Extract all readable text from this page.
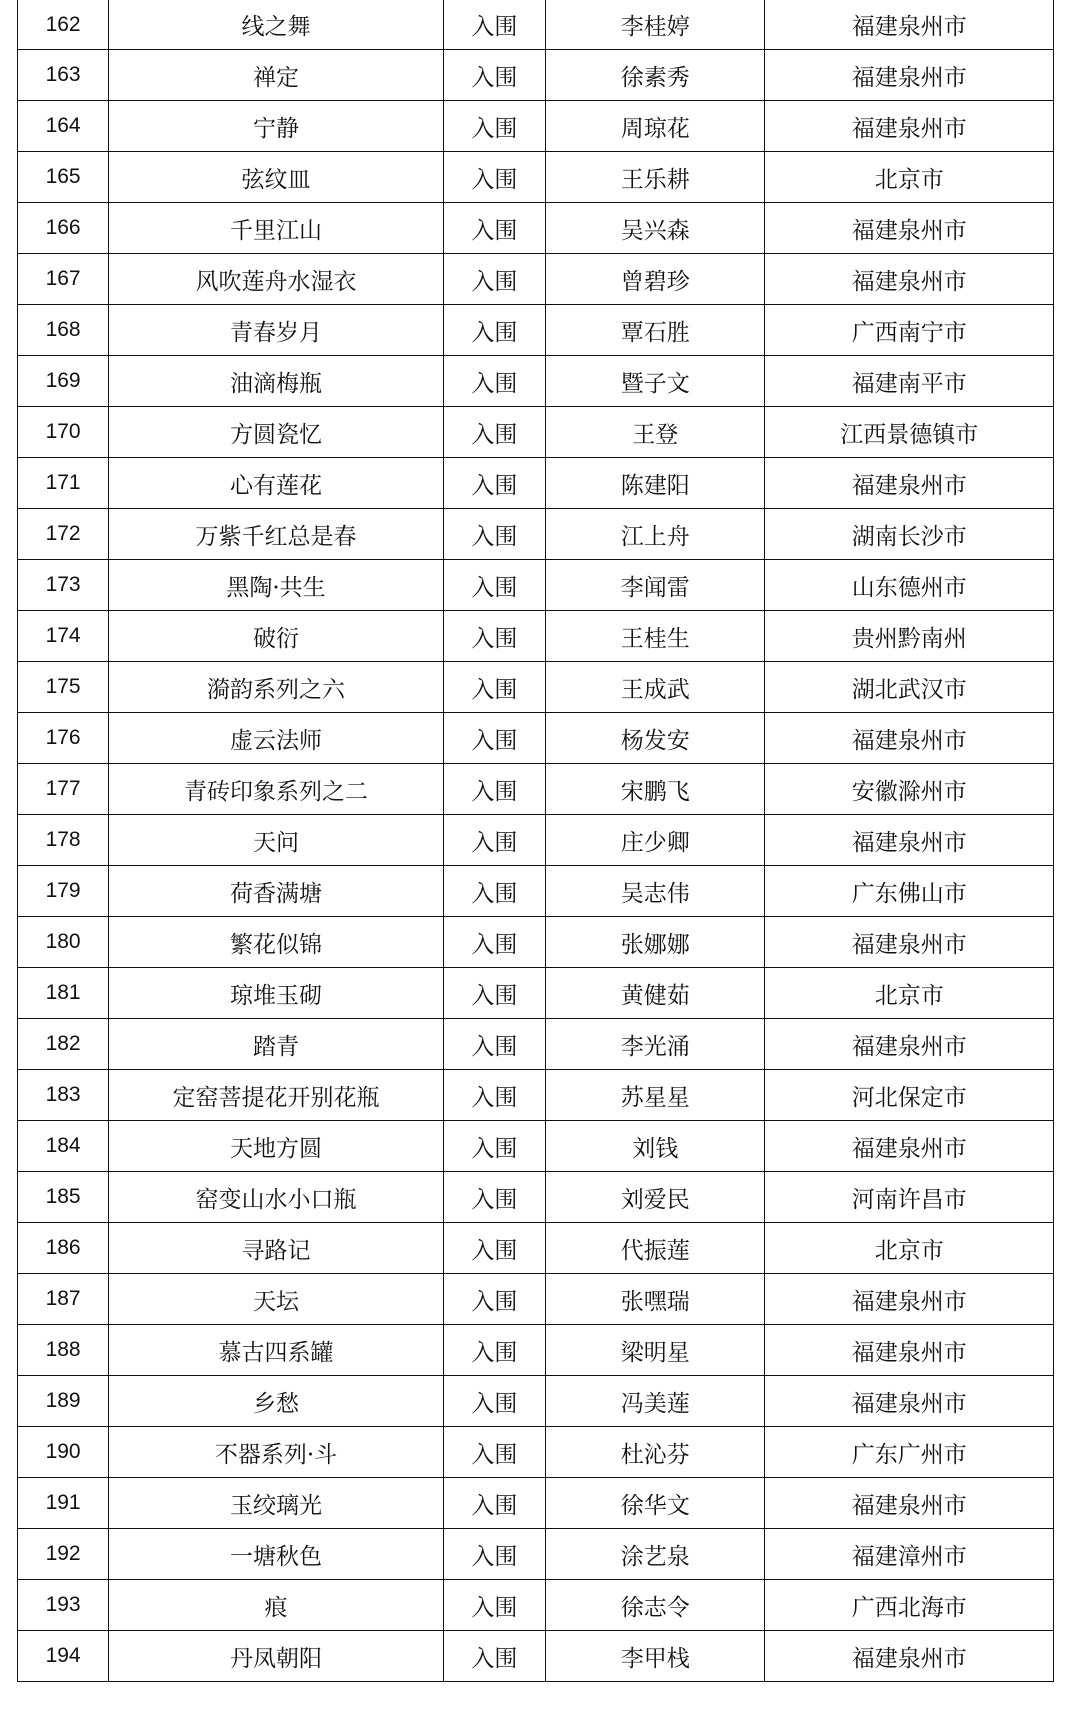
162	线之舞	入围	李桂婷	福建泉州市
163	禅定	入围	徐素秀	福建泉州市
164	宁静	入围	周琼花	福建泉州市
165	弦纹皿	入围	王乐耕	北京市
166	千里江山	入围	吴兴森	福建泉州市
167	风吹莲舟水湿衣	入围	曾碧珍	福建泉州市
168	青春岁月	入围	覃石胜	广西南宁市
169	油滴梅瓶	入围	暨子文	福建南平市
170	方圆瓷忆	入围	王登	江西景德镇市
171	心有莲花	入围	陈建阳	福建泉州市
172	万紫千红总是春	入围	江上舟	湖南长沙市
173	黑陶·共生	入围	李闻雷	山东德州市
174	破衍	入围	王桂生	贵州黔南州
175	漪韵系列之六	入围	王成武	湖北武汉市
176	虚云法师	入围	杨发安	福建泉州市
177	青砖印象系列之二	入围	宋鹏飞	安徽滁州市
178	天问	入围	庄少卿	福建泉州市
179	荷香满塘	入围	吴志伟	广东佛山市
180	繁花似锦	入围	张娜娜	福建泉州市
181	琼堆玉砌	入围	黄健茹	北京市
182	踏青	入围	李光涌	福建泉州市
183	定窑菩提花开别花瓶	入围	苏星星	河北保定市
184	天地方圆	入围	刘钱	福建泉州市
185	窑变山水小口瓶	入围	刘爱民	河南许昌市
186	寻路记	入围	代振莲	北京市
187	天坛	入围	张嘿瑞	福建泉州市
188	慕古四系罐	入围	梁明星	福建泉州市
189	乡愁	入围	冯美莲	福建泉州市
190	不器系列·斗	入围	杜沁芬	广东广州市
191	玉绞璃光	入围	徐华文	福建泉州市
192	一塘秋色	入围	涂艺泉	福建漳州市
193	痕	入围	徐志令	广西北海市
194	丹凤朝阳	入围	李甲栈	福建泉州市
